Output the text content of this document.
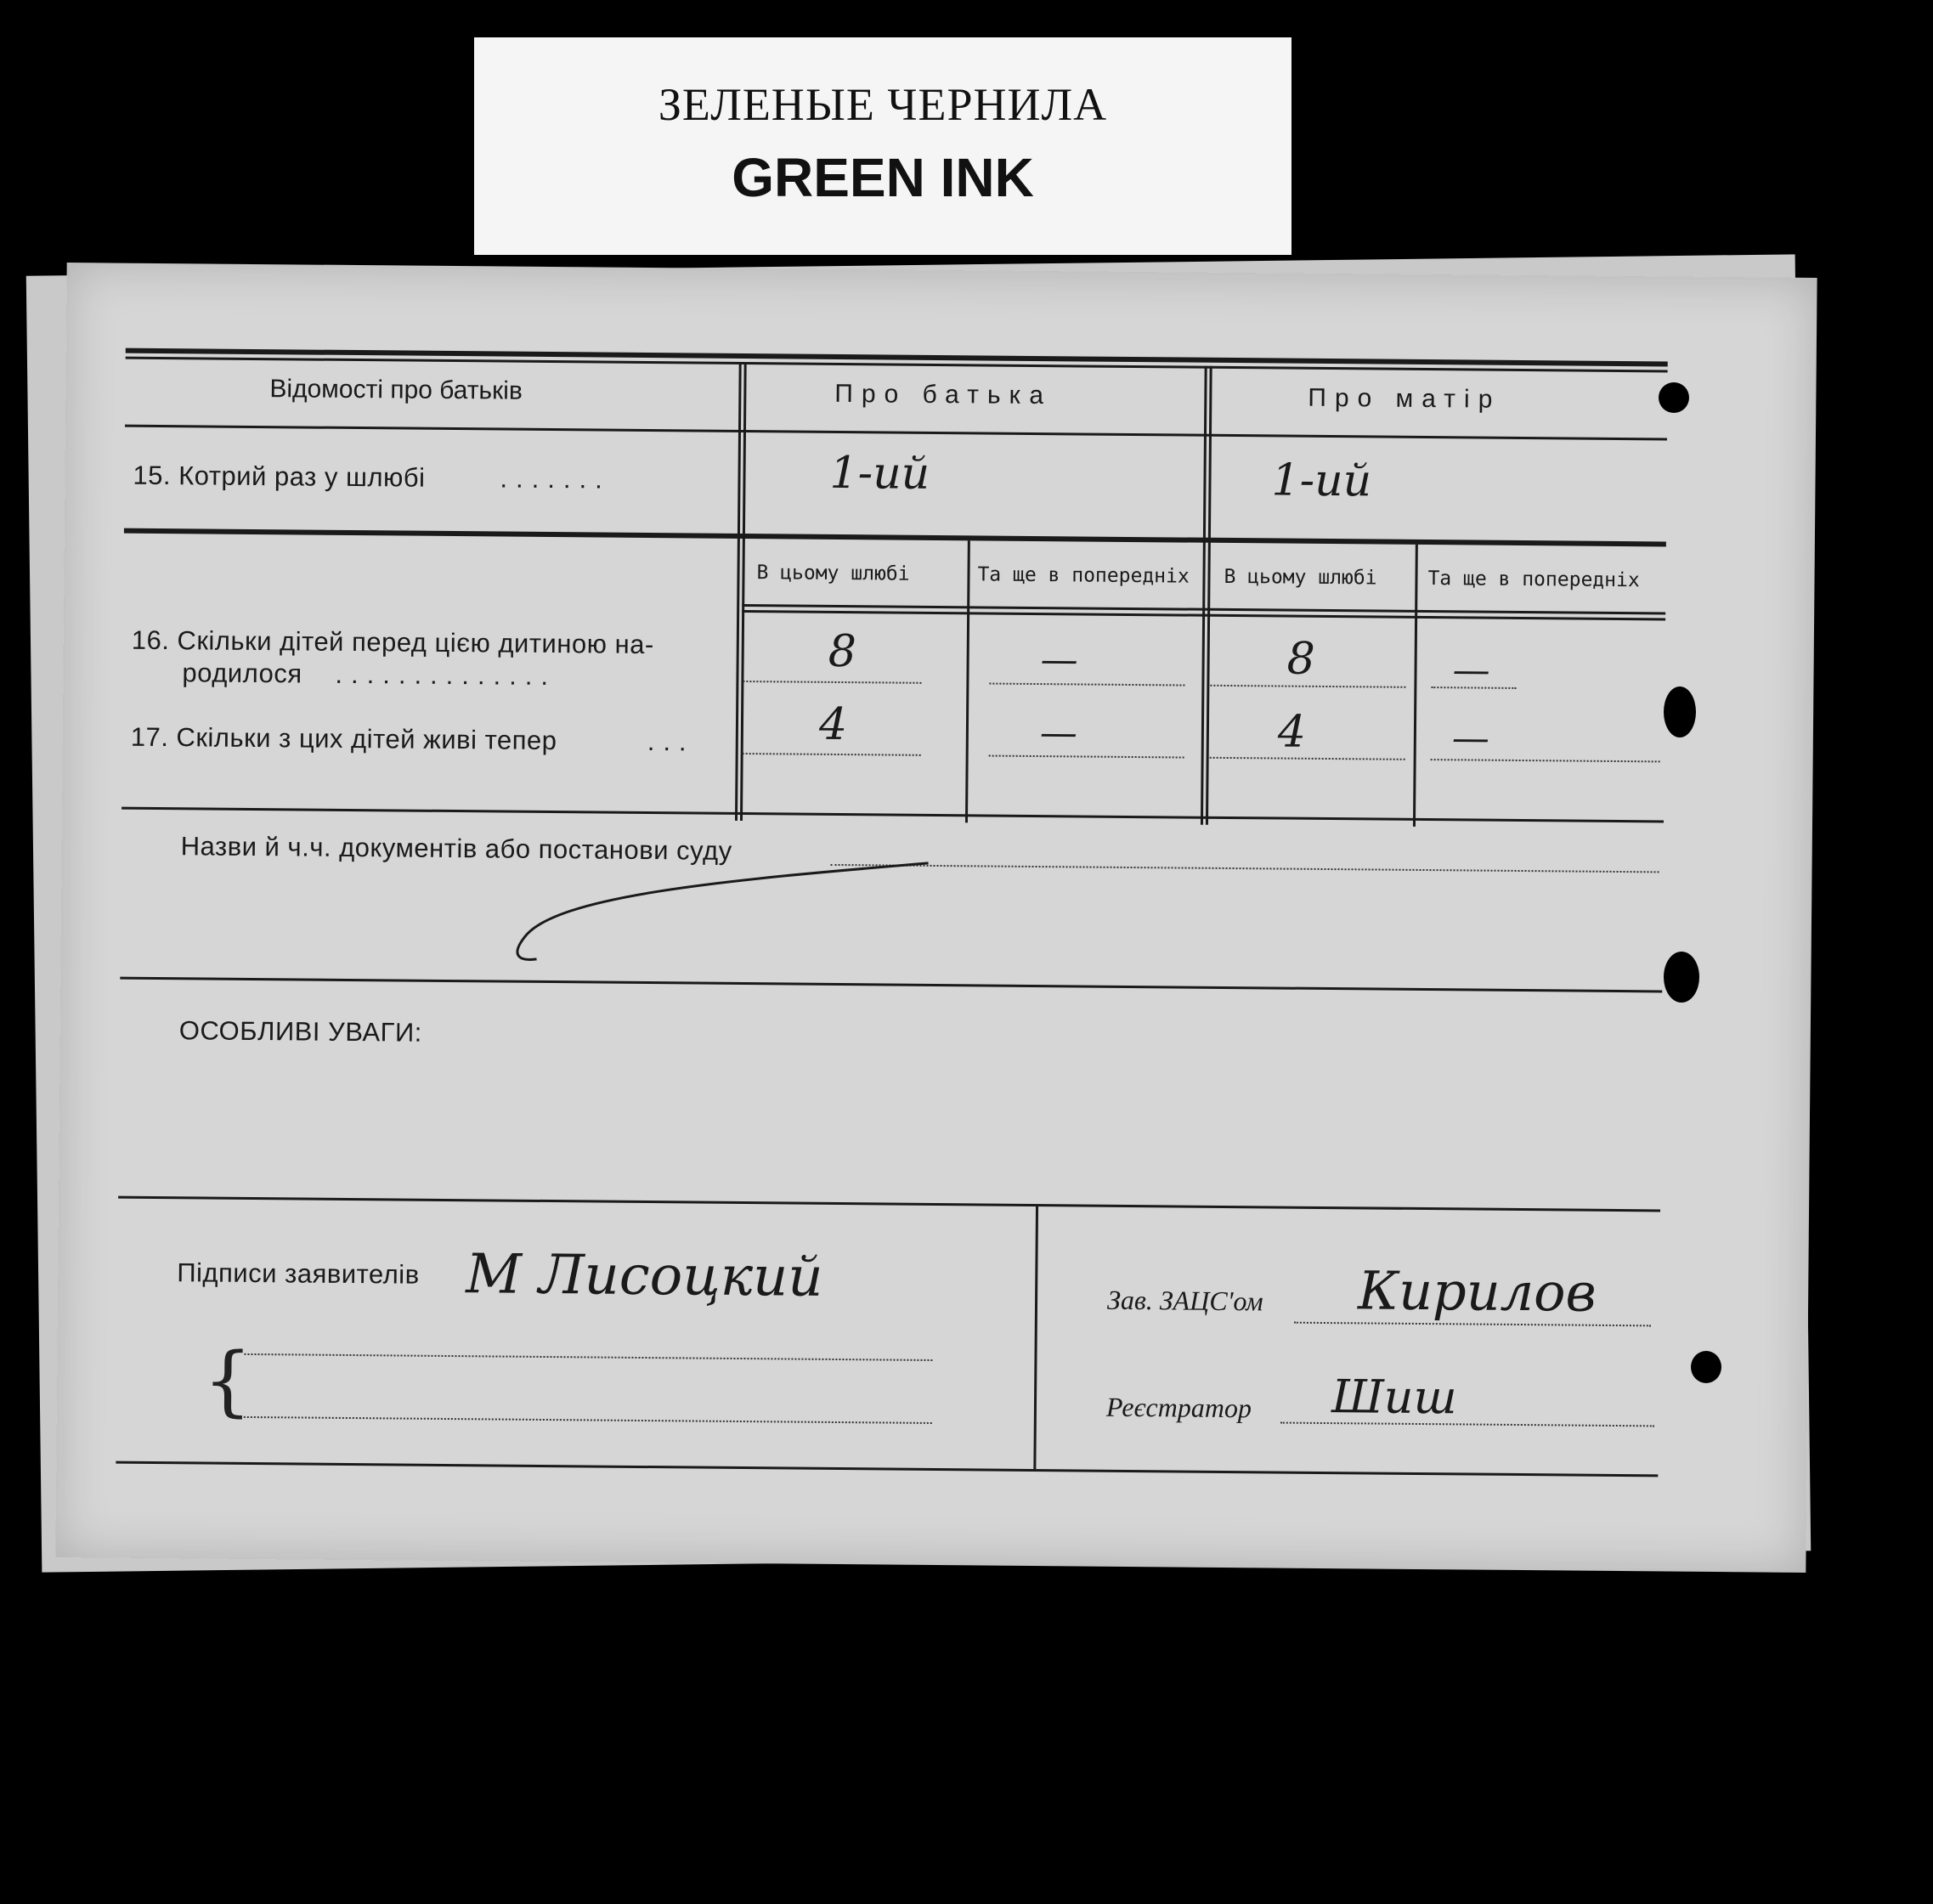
ЗЕЛЕНЫЕ ЧЕРНИЛА
GREEN INK
Відомості про батьків	Про батька	Про матір
15. Котрий раз у шлюбі	.......	1-ий	1-ий
В цьому шлюбі	Та ще в попередніх В цьому шлюбі	Та ще в попередніх
16. Скільки дітей перед цією дитиною на-
родилося ..............	8	—	8	—
17. Скільки з цих дітей живі тепер	...	4	—	4	—
Назви й ч.ч. документів або постанови суду
ОСОБЛИВІ УВАГИ:
Підписи заявителів М Лисоцкий
{
Зав. ЗАЦС'ом Кирилов
Реєстратор Шиш
